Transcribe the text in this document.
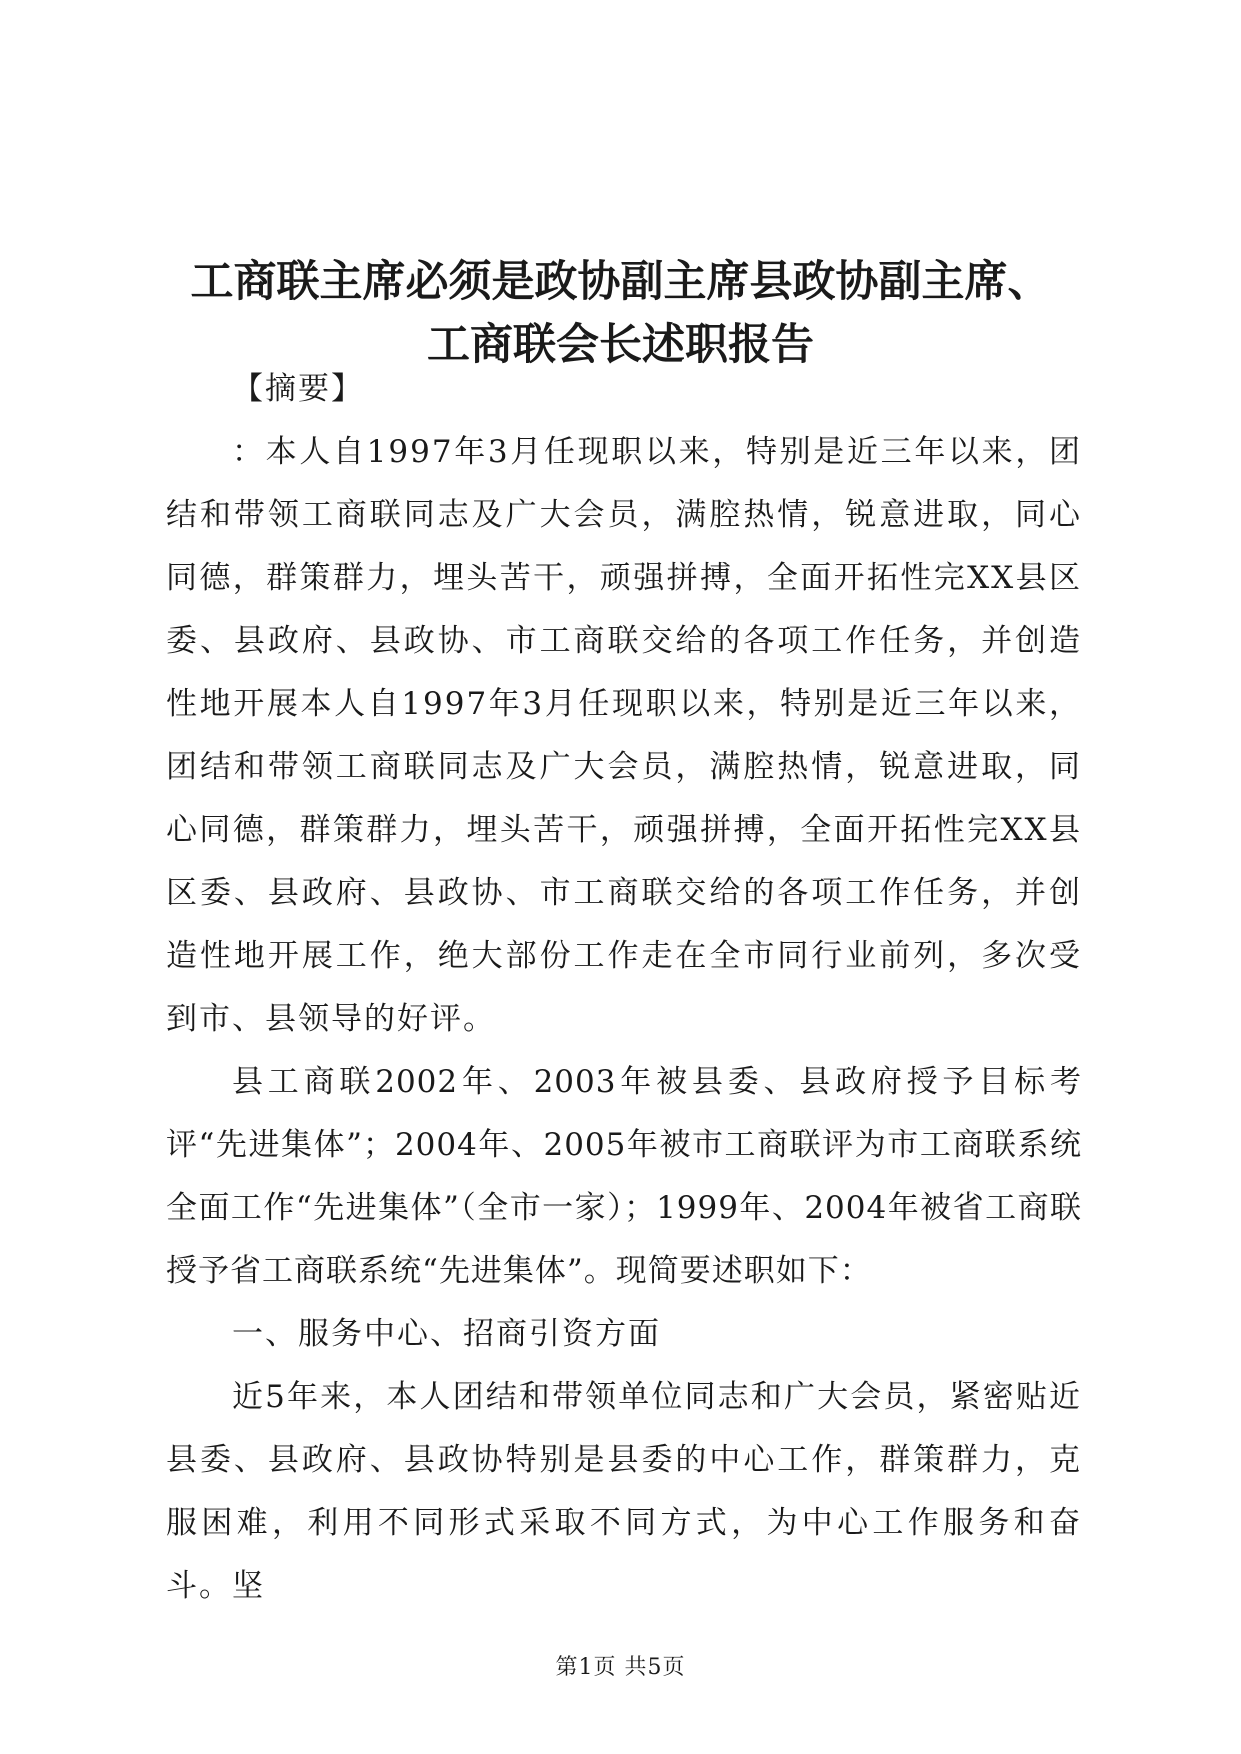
工商联主席必须是政协副主席县政协副主席、
工商联会长述职报告

【摘要】

：本人自1997年3月任现职以来，特别是近三年以来，团结和带领工商联同志及广大会员，满腔热情，锐意进取，同心同德，群策群力，埋头苦干，顽强拼搏，全面开拓性完XX县区委、县政府、县政协、市工商联交给的各项工作任务，并创造性地开展本人自1997年3月任现职以来，特别是近三年以来，团结和带领工商联同志及广大会员，满腔热情，锐意进取，同心同德，群策群力，埋头苦干，顽强拼搏，全面开拓性完XX县区委、县政府、县政协、市工商联交给的各项工作任务，并创造性地开展工作，绝大部份工作走在全市同行业前列，多次受到市、县领导的好评。

县工商联2002年、2003年被县委、县政府授予目标考评“先进集体”；2004年、2005年被市工商联评为市工商联系统全面工作“先进集体”（全市一家）；1999年、2004年被省工商联授予省工商联系统“先进集体”。现简要述职如下：

一、服务中心、招商引资方面

近5年来，本人团结和带领单位同志和广大会员，紧密贴近县委、县政府、县政协特别是县委的中心工作，群策群力，克服困难，利用不同形式采取不同方式，为中心工作服务和奋斗。坚

第1页 共5页
